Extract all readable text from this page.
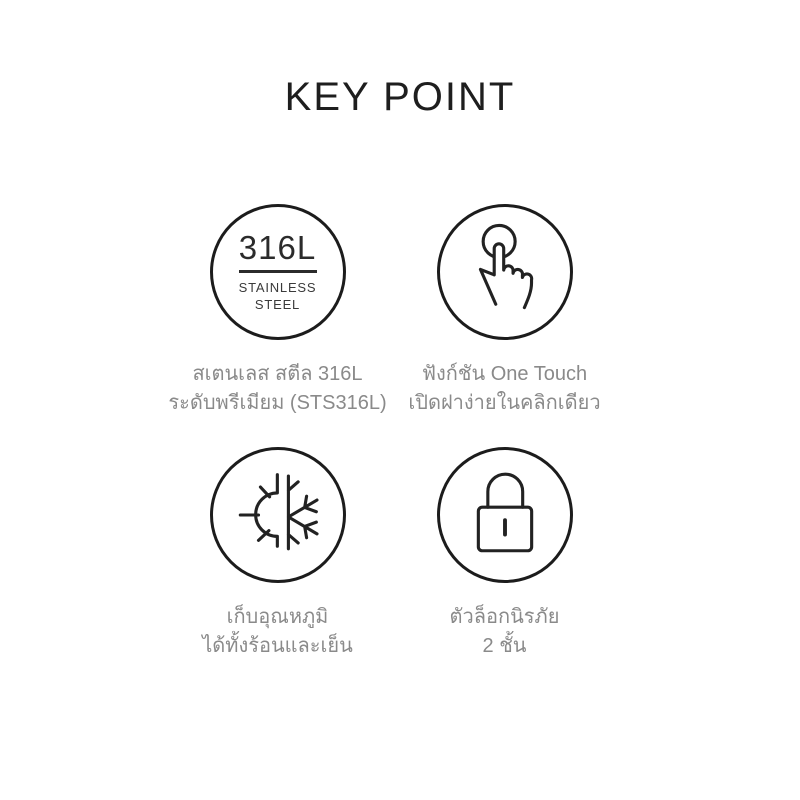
KEY POINT
316L
STAINLESS
STEEL
สเตนเลส สตีล 316L
ระดับพรีเมียม (STS316L)
ฟังก์ชัน One Touch
เปิดฝาง่ายในคลิกเดียว
เก็บอุณหภูมิ
ได้ทั้งร้อนและเย็น
ตัวล็อกนิรภัย
2 ชั้น
